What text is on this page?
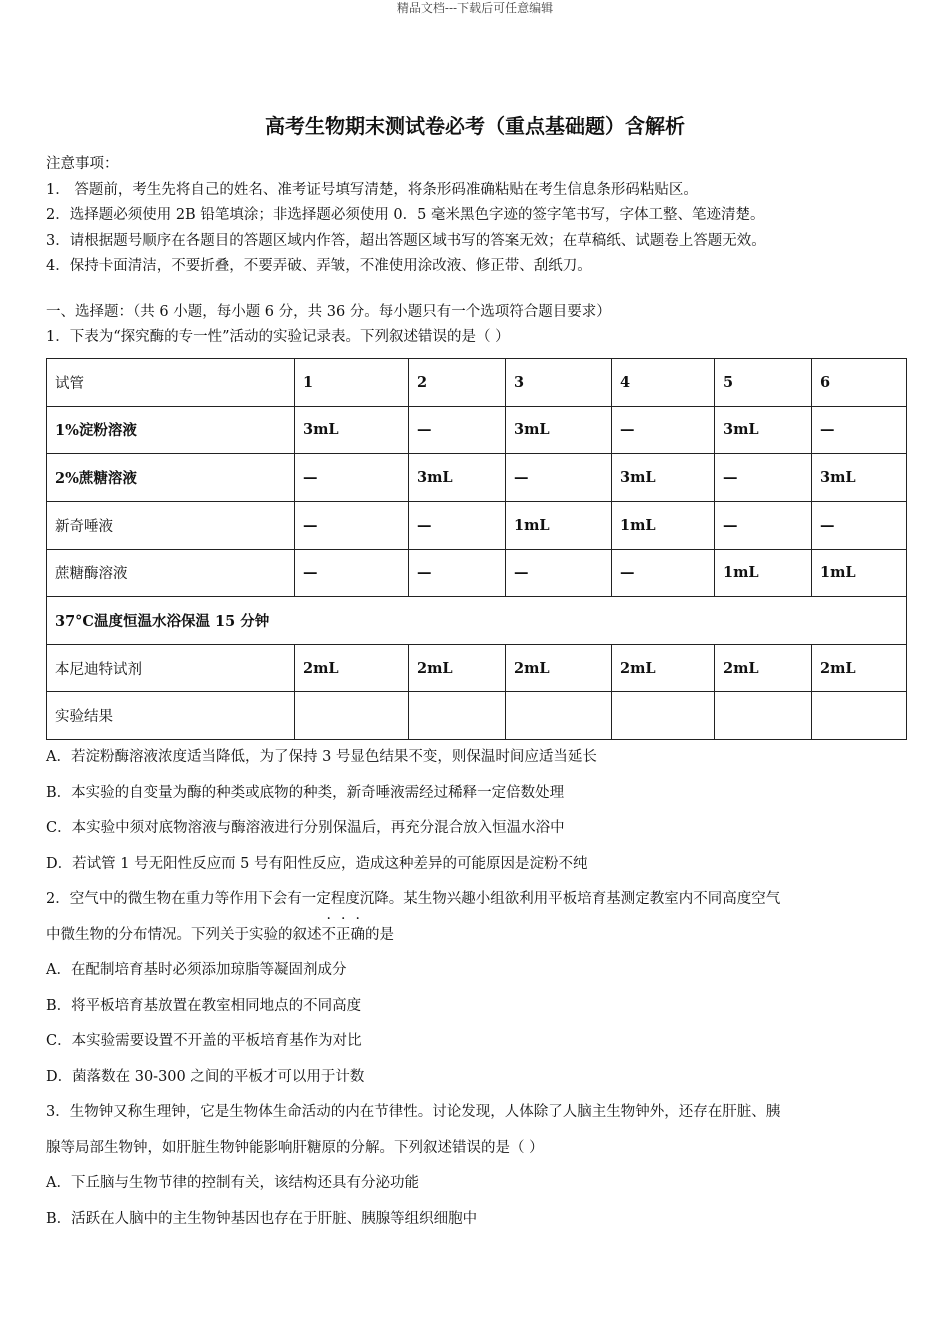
精品文档---下载后可任意编辑
高考生物期末测试卷必考（重点基础题）含解析
注意事项：
1． 答题前，考生先将自己的姓名、准考证号填写清楚，将条形码准确粘贴在考生信息条形码粘贴区。
2．选择题必须使用 2B 铅笔填涂；非选择题必须使用 0．5 毫米黑色字迹的签字笔书写，字体工整、笔迹清楚。
3．请根据题号顺序在各题目的答题区域内作答，超出答题区域书写的答案无效；在草稿纸、试题卷上答题无效。
4．保持卡面清洁，不要折叠，不要弄破、弄皱，不准使用涂改液、修正带、刮纸刀。
一、选择题：（共 6 小题，每小题 6 分，共 36 分。每小题只有一个选项符合题目要求）
1．下表为“探究酶的专一性”活动的实验记录表。下列叙述错误的是（ ）
试管	1	2	3	4	5	6
1%淀粉溶液	3mL	—	3mL	—	3mL	—
2%蔗糖溶液	—	3mL	—	3mL	—	3mL
新奇唾液	—	—	1mL	1mL	—	—
蔗糖酶溶液	—	—	—	—	1mL	1mL
37°C温度恒温水浴保温 15 分钟						
本尼迪特试剂	2mL	2mL	2mL	2mL	2mL	2mL
实验结果						
A．若淀粉酶溶液浓度适当降低，为了保持 3 号显色结果不变，则保温时间应适当延长
B．本实验的自变量为酶的种类或底物的种类，新奇唾液需经过稀释一定倍数处理
C．本实验中须对底物溶液与酶溶液进行分别保温后，再充分混合放入恒温水浴中
D．若试管 1 号无阳性反应而 5 号有阳性反应，造成这种差异的可能原因是淀粉不纯
2．空气中的微生物在重力等作用下会有一定程度沉降。某生物兴趣小组欲利用平板培育基测定教室内不同高度空气
中微生物的分布情况。下列关于实验的叙述不正确的是
A．在配制培育基时必须添加琼脂等凝固剂成分
B．将平板培育基放置在教室相同地点的不同高度
C．本实验需要设置不开盖的平板培育基作为对比
D．菌落数在 30-300 之间的平板才可以用于计数
3．生物钟又称生理钟，它是生物体生命活动的内在节律性。讨论发现，人体除了人脑主生物钟外，还存在肝脏、胰
腺等局部生物钟，如肝脏生物钟能影响肝糖原的分解。下列叙述错误的是（ ）
A．下丘脑与生物节律的控制有关，该结构还具有分泌功能
B．活跃在人脑中的主生物钟基因也存在于肝脏、胰腺等组织细胞中
